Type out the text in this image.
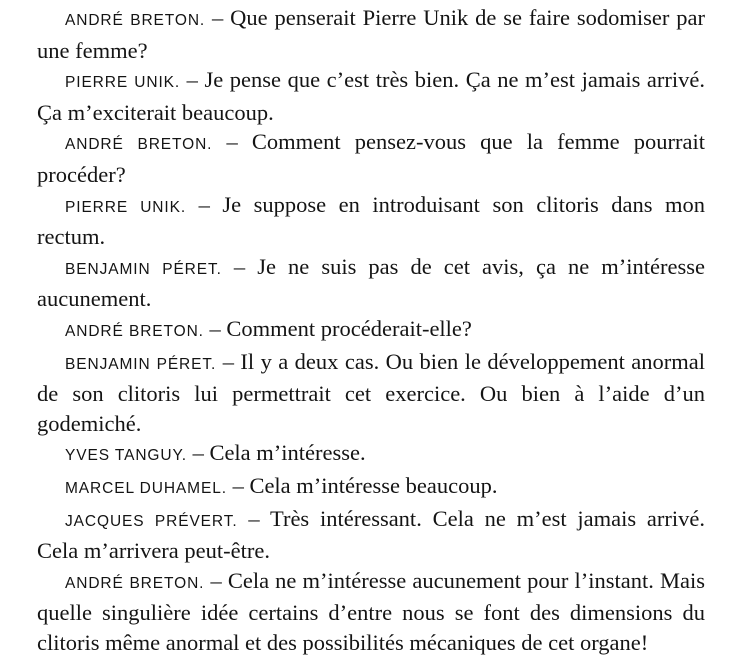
ANDRÉ BRETON. – Que penserait Pierre Unik de se faire sodomiser par une femme?

PIERRE UNIK. – Je pense que c’est très bien. Ça ne m’est jamais arrivé. Ça m’exciterait beaucoup.

ANDRÉ BRETON. – Comment pensez-vous que la femme pourrait procéder?

PIERRE UNIK. – Je suppose en introduisant son clitoris dans mon rectum.

BENJAMIN PÉRET. – Je ne suis pas de cet avis, ça ne m’intéresse aucunement.

ANDRÉ BRETON. – Comment procéderait-elle?

BENJAMIN PÉRET. – Il y a deux cas. Ou bien le développement anormal de son clitoris lui permettrait cet exercice. Ou bien à l’aide d’un godemiché.

YVES TANGUY. – Cela m’intéresse.

MARCEL DUHAMEL. – Cela m’intéresse beaucoup.

JACQUES PRÉVERT. – Très intéressant. Cela ne m’est jamais arrivé. Cela m’arrivera peut-être.

ANDRÉ BRETON. – Cela ne m’intéresse aucunement pour l’instant. Mais quelle singulière idée certains d’entre nous se font des dimensions du clitoris même anormal et des possibilités mécaniques de cet organe!
